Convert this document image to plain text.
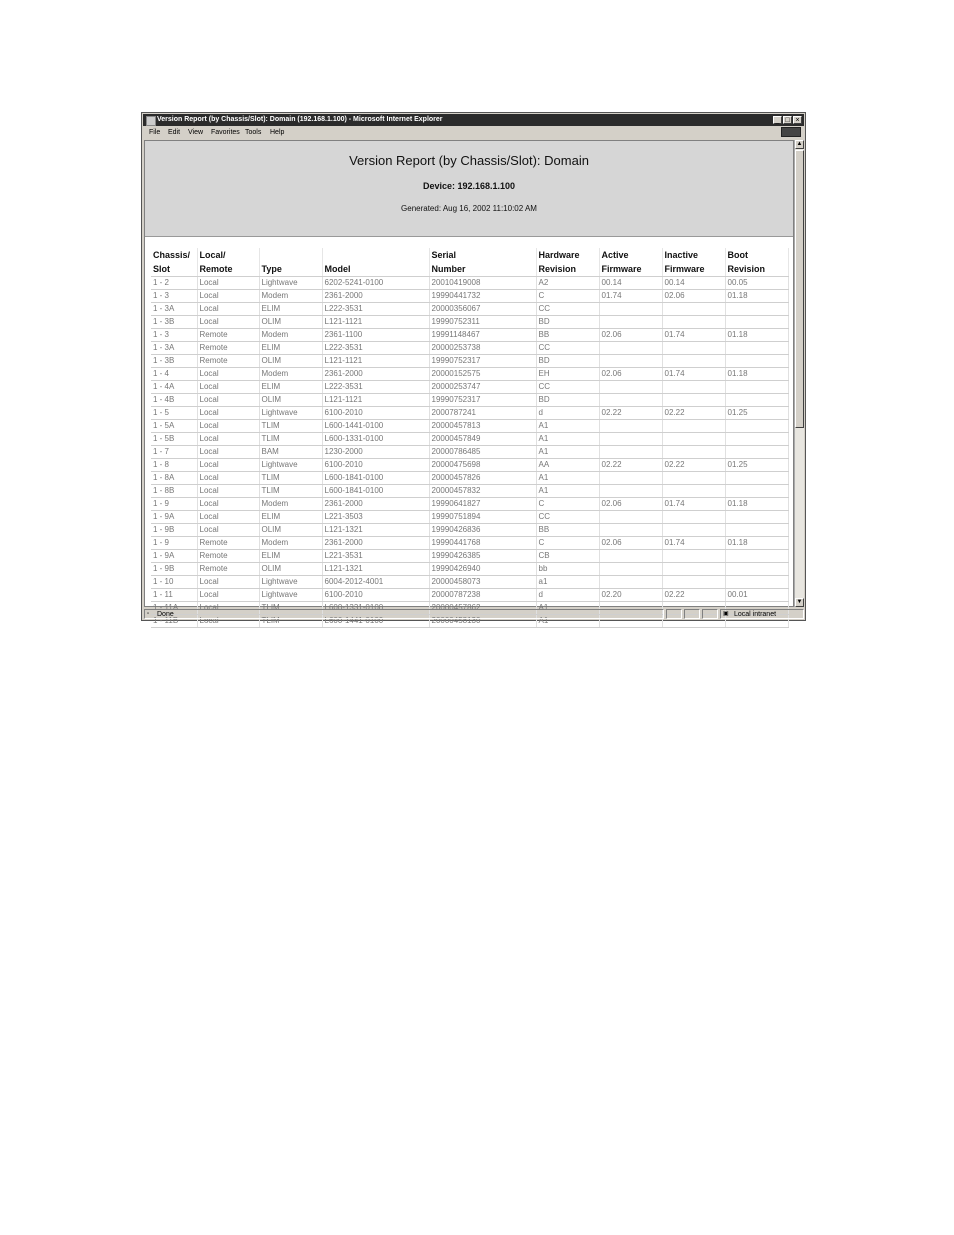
Version Report (by Chassis/Slot): Domain (192.168.1.100) - Microsoft Internet Explorer	_ □ ×
File Edit View Favorites Tools Help
Version Report (by Chassis/Slot): Domain
Device: 192.168.1.100
Generated: Aug 16, 2002 11:10:02 AM
Chassis/	Local/			Serial	Hardware	Active	Inactive	Boot
Slot	Remote	Type	Model	Number	Revision	Firmware	Firmware	Revision
1 - 2	Local	Lightwave	6202-5241-0100	20010419008	A2	00.14	00.14	00.05
1 - 3	Local	Modem	2361-2000	19990441732	C	01.74	02.06	01.18
1 - 3A	Local	ELIM	L222-3531	20000356067	CC			
1 - 3B	Local	OLIM	L121-1121	19990752311	BD			
1 - 3	Remote	Modem	2361-1100	19991148467	BB	02.06	01.74	01.18
1 - 3A	Remote	ELIM	L222-3531	20000253738	CC			
1 - 3B	Remote	OLIM	L121-1121	19990752317	BD			
1 - 4	Local	Modem	2361-2000	20000152575	EH	02.06	01.74	01.18
1 - 4A	Local	ELIM	L222-3531	20000253747	CC			
1 - 4B	Local	OLIM	L121-1121	19990752317	BD			
1 - 5	Local	Lightwave	6100-2010	2000787241	d	02.22	02.22	01.25
1 - 5A	Local	TLIM	L600-1441-0100	20000457813	A1			
1 - 5B	Local	TLIM	L600-1331-0100	20000457849	A1			
1 - 7	Local	BAM	1230-2000	20000786485	A1			
1 - 8	Local	Lightwave	6100-2010	20000475698	AA	02.22	02.22	01.25
1 - 8A	Local	TLIM	L600-1841-0100	20000457826	A1			
1 - 8B	Local	TLIM	L600-1841-0100	20000457832	A1			
1 - 9	Local	Modem	2361-2000	19990641827	C	02.06	01.74	01.18
1 - 9A	Local	ELIM	L221-3503	19990751894	CC			
1 - 9B	Local	OLIM	L121-1321	19990426836	BB			
1 - 9	Remote	Modem	2361-2000	19990441768	C	02.06	01.74	01.18
1 - 9A	Remote	ELIM	L221-3531	19990426385	CB			
1 - 9B	Remote	OLIM	L121-1321	19990426940	bb			
1 - 10	Local	Lightwave	6004-2012-4001	20000458073	a1			
1 - 11	Local	Lightwave	6100-2010	20000787238	d	02.20	02.22	00.01
1 - 11A	Local	TLIM	L600-1331-0100	20000457862	A1			
1 - 11B	Local	TLIM	L600-1441-0100	20000458130	A1			
▲
▼
▫ Done	▣ Local intranet
